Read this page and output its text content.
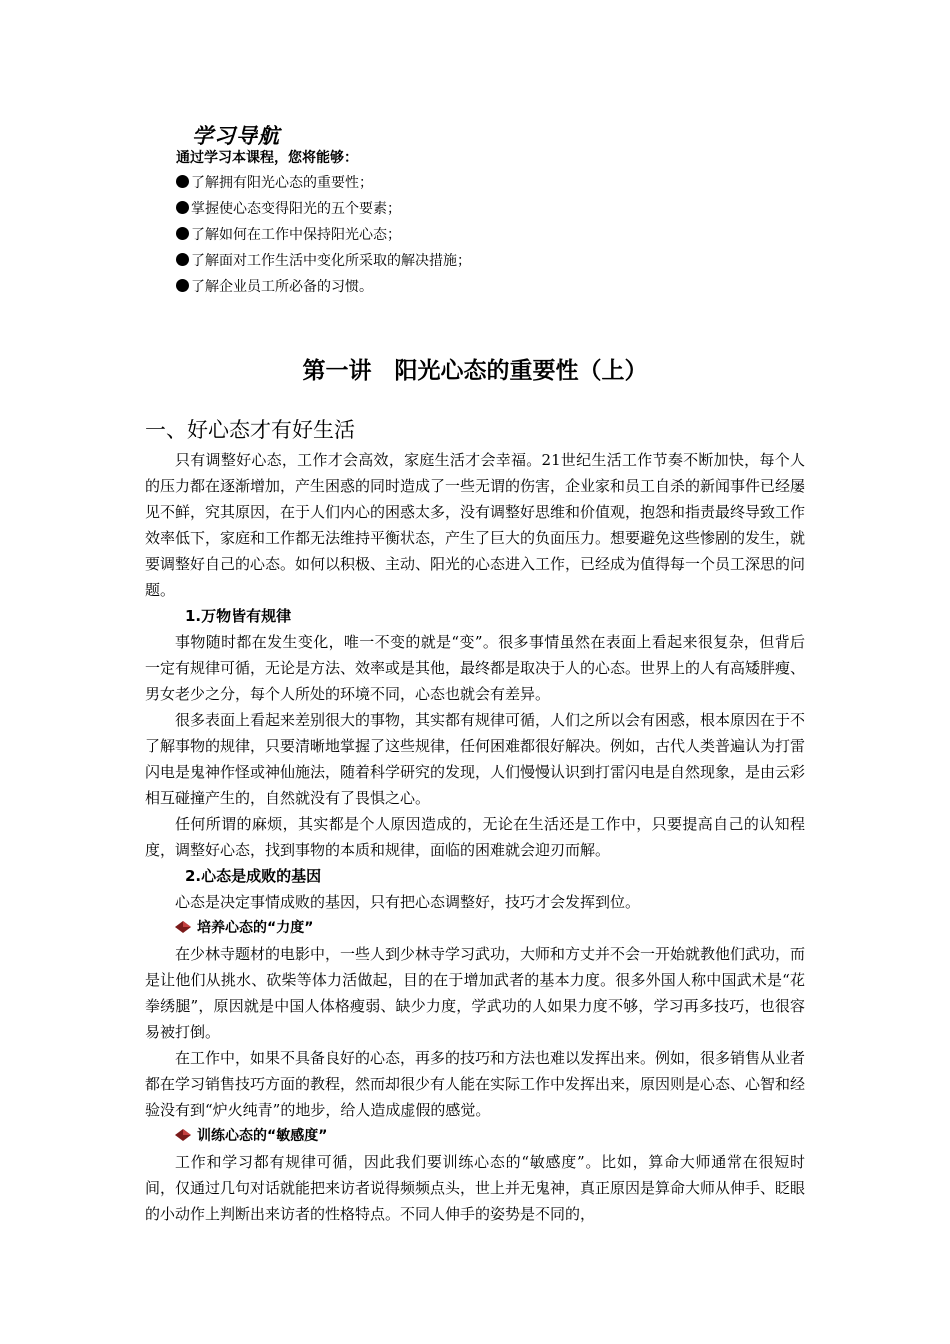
学习导航
通过学习本课程，您将能够：
了解拥有阳光心态的重要性；
掌握使心态变得阳光的五个要素；
了解如何在工作中保持阳光心态；
了解面对工作生活中变化所采取的解决措施；
了解企业员工所必备的习惯。
第一讲　阳光心态的重要性（上）
一、好心态才有好生活

只有调整好心态，工作才会高效，家庭生活才会幸福。21世纪生活工作节奏不断加快，每个人的压力都在逐渐增加，产生困惑的同时造成了一些无谓的伤害，企业家和员工自杀的新闻事件已经屡见不鲜，究其原因，在于人们内心的困惑太多，没有调整好思维和价值观，抱怨和指责最终导致工作效率低下，家庭和工作都无法维持平衡状态，产生了巨大的负面压力。想要避免这些惨剧的发生，就要调整好自己的心态。如何以积极、主动、阳光的心态进入工作，已经成为值得每一个员工深思的问题。

1.万物皆有规律

事物随时都在发生变化，唯一不变的就是“变”。很多事情虽然在表面上看起来很复杂，但背后一定有规律可循，无论是方法、效率或是其他，最终都是取决于人的心态。世界上的人有高矮胖瘦、男女老少之分，每个人所处的环境不同，心态也就会有差异。

很多表面上看起来差别很大的事物，其实都有规律可循，人们之所以会有困惑，根本原因在于不了解事物的规律，只要清晰地掌握了这些规律，任何困难都很好解决。例如，古代人类普遍认为打雷闪电是鬼神作怪或神仙施法，随着科学研究的发现，人们慢慢认识到打雷闪电是自然现象，是由云彩相互碰撞产生的，自然就没有了畏惧之心。

任何所谓的麻烦，其实都是个人原因造成的，无论在生活还是工作中，只要提高自己的认知程度，调整好心态，找到事物的本质和规律，面临的困难就会迎刃而解。

2.心态是成败的基因

心态是决定事情成败的基因，只有把心态调整好，技巧才会发挥到位。

培养心态的“力度”

在少林寺题材的电影中，一些人到少林寺学习武功，大师和方丈并不会一开始就教他们武功，而是让他们从挑水、砍柴等体力活做起，目的在于增加武者的基本力度。很多外国人称中国武术是“花拳绣腿”，原因就是中国人体格瘦弱、缺少力度，学武功的人如果力度不够，学习再多技巧，也很容易被打倒。

在工作中，如果不具备良好的心态，再多的技巧和方法也难以发挥出来。例如，很多销售从业者都在学习销售技巧方面的教程，然而却很少有人能在实际工作中发挥出来，原因则是心态、心智和经验没有到“炉火纯青”的地步，给人造成虚假的感觉。

训练心态的“敏感度”

工作和学习都有规律可循，因此我们要训练心态的“敏感度”。比如，算命大师通常在很短时间，仅通过几句对话就能把来访者说得频频点头，世上并无鬼神，真正原因是算命大师从伸手、眨眼的小动作上判断出来访者的性格特点。不同人伸手的姿势是不同的，
